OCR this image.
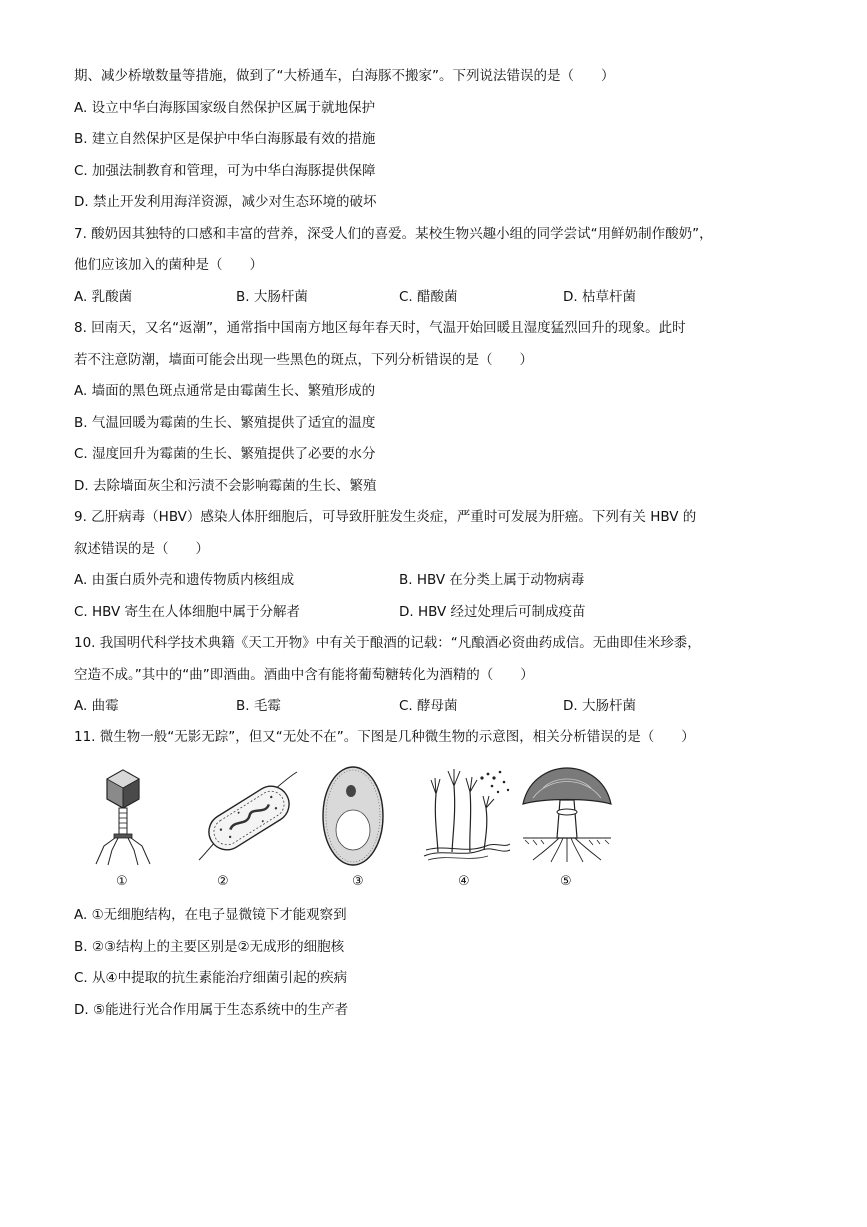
期、减少桥墩数量等措施，做到了“大桥通车，白海豚不搬家”。下列说法错误的是（　　）
A. 设立中华白海豚国家级自然保护区属于就地保护
B. 建立自然保护区是保护中华白海豚最有效的措施
C. 加强法制教育和管理，可为中华白海豚提供保障
D. 禁止开发利用海洋资源，减少对生态环境的破坏
7. 酸奶因其独特的口感和丰富的营养，深受人们的喜爱。某校生物兴趣小组的同学尝试“用鲜奶制作酸奶”，
他们应该加入的菌种是（　　）
A. 乳酸菌	B. 大肠杆菌	C. 醋酸菌	D. 枯草杆菌
8. 回南天，又名“返潮”，通常指中国南方地区每年春天时，气温开始回暖且湿度猛烈回升的现象。此时
若不注意防潮，墙面可能会出现一些黑色的斑点，下列分析错误的是（　　）
A. 墙面的黑色斑点通常是由霉菌生长、繁殖形成的
B. 气温回暖为霉菌的生长、繁殖提供了适宜的温度
C. 湿度回升为霉菌的生长、繁殖提供了必要的水分
D. 去除墙面灰尘和污渍不会影响霉菌的生长、繁殖
9. 乙肝病毒（HBV）感染人体肝细胞后，可导致肝脏发生炎症，严重时可发展为肝癌。下列有关 HBV 的
叙述错误的是（　　）
A. 由蛋白质外壳和遗传物质内核组成	B. HBV 在分类上属于动物病毒
C. HBV 寄生在人体细胞中属于分解者	D. HBV 经过处理后可制成疫苗
10. 我国明代科学技术典籍《天工开物》中有关于酿酒的记载：“凡酿酒必资曲药成信。无曲即佳米珍黍，
空造不成。”其中的“曲”即酒曲。酒曲中含有能将葡萄糖转化为酒精的（　　）
A. 曲霉	B. 毛霉	C. 酵母菌	D. 大肠杆菌
11. 微生物一般“无影无踪”，但又“无处不在”。下图是几种微生物的示意图，相关分析错误的是（　　）
①	②	③	④	⑤
A. ①无细胞结构，在电子显微镜下才能观察到
B. ②③结构上的主要区别是②无成形的细胞核
C. 从④中提取的抗生素能治疗细菌引起的疾病
D. ⑤能进行光合作用属于生态系统中的生产者
